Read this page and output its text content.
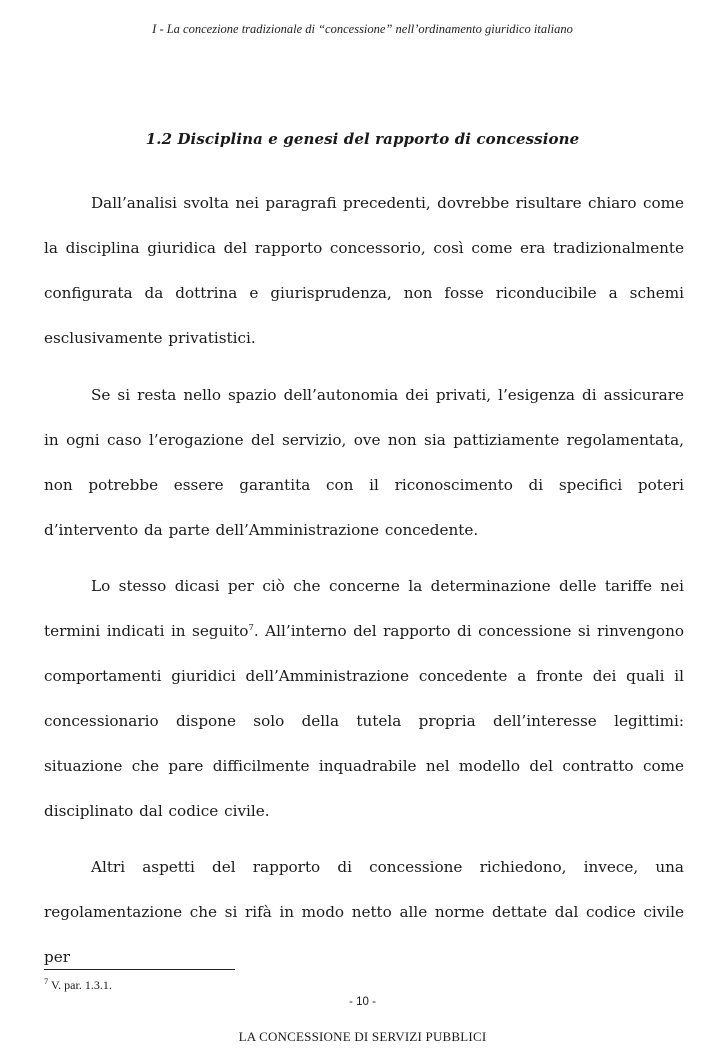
I - La concezione tradizionale di “concessione” nell’ordinamento giuridico italiano
1.2 Disciplina e genesi del rapporto di concessione
Dall’analisi svolta nei paragrafi precedenti, dovrebbe risultare chiaro come la disciplina giuridica del rapporto concessorio, così come era tradizionalmente configurata da dottrina e giurisprudenza, non fosse riconducibile a schemi esclusivamente privatistici.
Se si resta nello spazio dell’autonomia dei privati, l’esigenza di assicurare in ogni caso l’erogazione del servizio, ove non sia pattiziamente regolamentata, non potrebbe essere garantita con il riconoscimento di specifici poteri d’intervento da parte dell’Amministrazione concedente.
Lo stesso dicasi per ciò che concerne la determinazione delle tariffe nei termini indicati in seguito$^7$. All’interno del rapporto di concessione si rinvengono comportamenti giuridici dell’Amministrazione concedente a fronte dei quali il concessionario dispone solo della tutela propria dell’interesse legittimi: situazione che pare difficilmente inquadrabile nel modello del contratto come disciplinato dal codice civile.
Altri aspetti del rapporto di concessione richiedono, invece, una regolamentazione che si rifà in modo netto alle norme dettate dal codice civile per
$^7$ V. par. 1.3.1.
- 10 -
LA CONCESSIONE DI SERVIZI PUBBLICI
